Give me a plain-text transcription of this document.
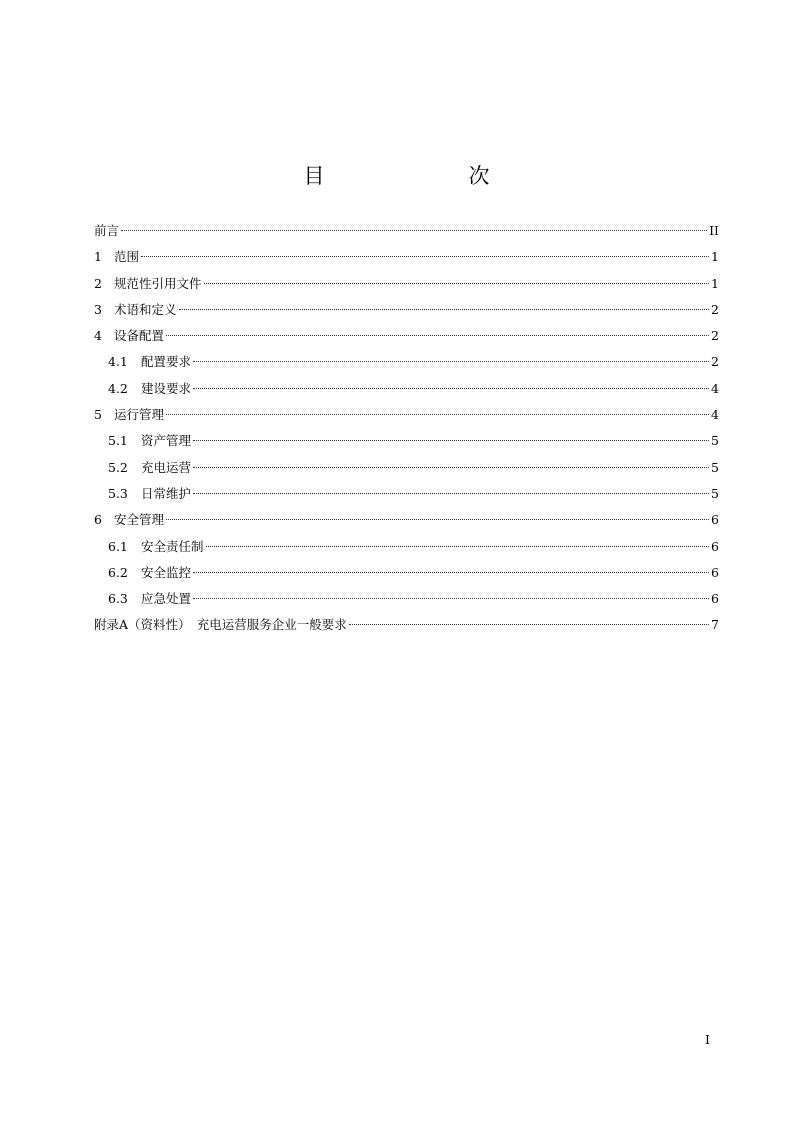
目　　次
前言	II
1 范围	1
2 规范性引用文件	1
3 术语和定义	2
4 设备配置	2
4.1	配置要求	2
4.2	建设要求	4
5 运行管理	4
5.1	资产管理	5
5.2	充电运营	5
5.3	日常维护	5
6 安全管理	6
6.1	安全责任制	6
6.2	安全监控	6
6.3	应急处置	6
附录A（资料性）　充电运营服务企业一般要求	7
I
